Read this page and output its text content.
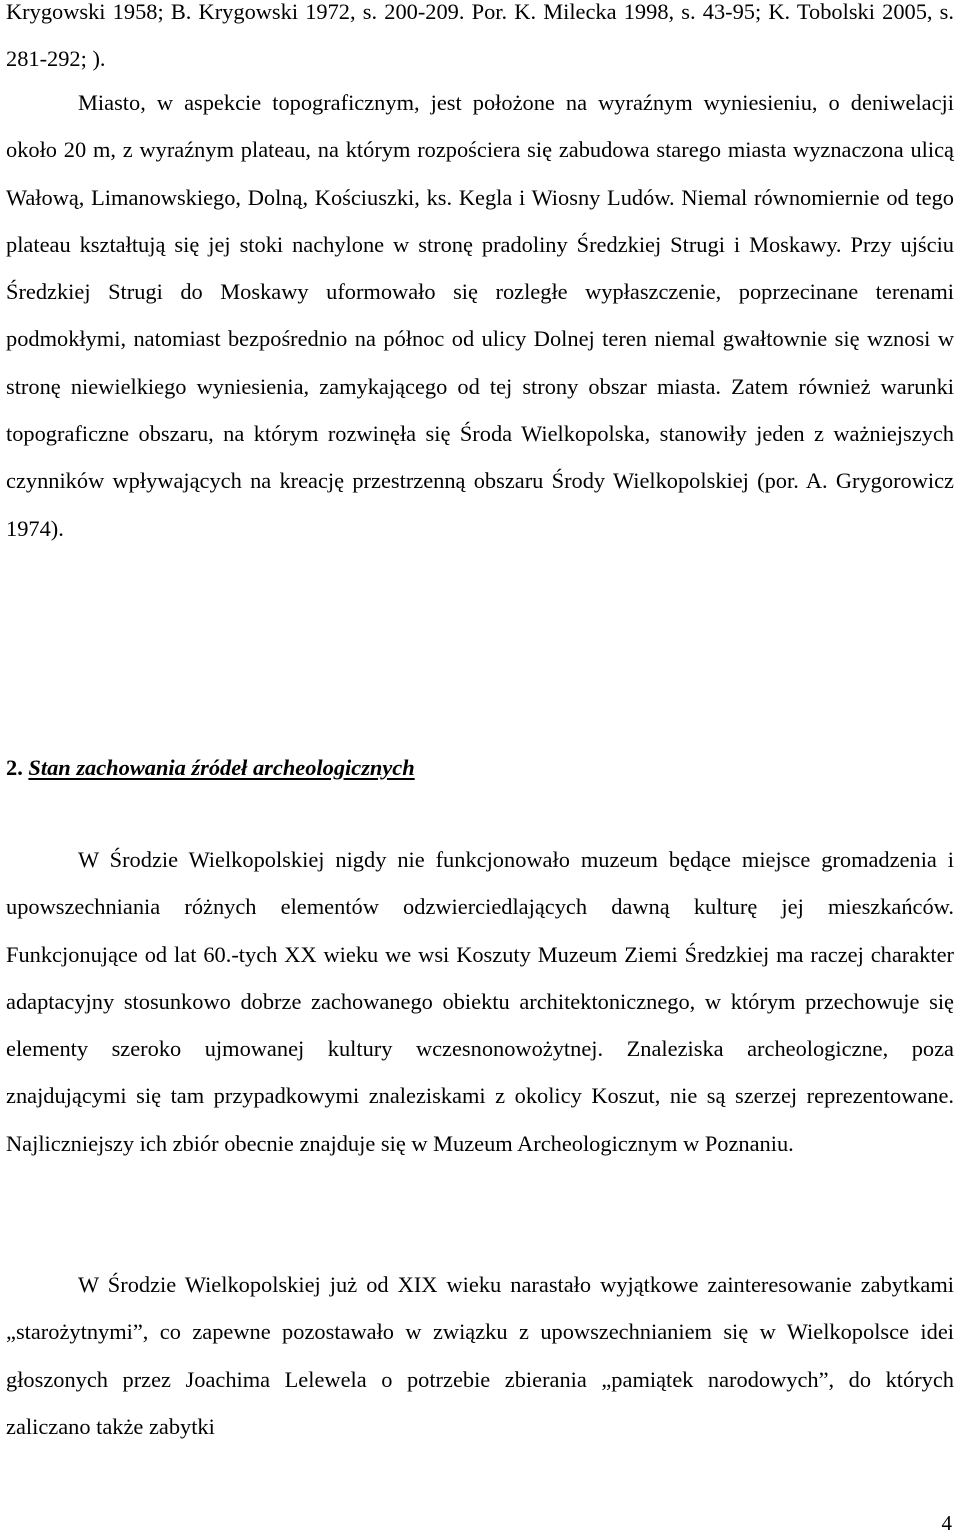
Krygowski 1958; B. Krygowski 1972, s. 200-209. Por. K. Milecka 1998, s. 43-95; K. Tobolski 2005, s. 281-292; ).

Miasto, w aspekcie topograficznym, jest położone na wyraźnym wyniesieniu, o deniwelacji około 20 m, z wyraźnym plateau, na którym rozpościera się zabudowa starego miasta wyznaczona ulicą Wałową, Limanowskiego, Dolną, Kościuszki, ks. Kegla i Wiosny Ludów. Niemal równomiernie od tego plateau kształtują się jej stoki nachylone w stronę pradoliny Średzkiej Strugi i Moskawy. Przy ujściu Średzkiej Strugi do Moskawy uformowało się rozległe wypłaszczenie, poprzecinane terenami podmokłymi, natomiast bezpośrednio na północ od ulicy Dolnej teren niemal gwałtownie się wznosi w stronę niewielkiego wyniesienia, zamykającego od tej strony obszar miasta. Zatem również warunki topograficzne obszaru, na którym rozwinęła się Środa Wielkopolska, stanowiły jeden z ważniejszych czynników wpływających na kreację przestrzenną obszaru Środy Wielkopolskiej (por. A. Grygorowicz 1974).

2. Stan zachowania źródeł archeologicznych

W Środzie Wielkopolskiej nigdy nie funkcjonowało muzeum będące miejsce gromadzenia i upowszechniania różnych elementów odzwierciedlających dawną kulturę jej mieszkańców. Funkcjonujące od lat 60.-tych XX wieku we wsi Koszuty Muzeum Ziemi Średzkiej ma raczej charakter adaptacyjny stosunkowo dobrze zachowanego obiektu architektonicznego, w którym przechowuje się elementy szeroko ujmowanej kultury wczesnonowożytnej. Znaleziska archeologiczne, poza znajdującymi się tam przypadkowymi znaleziskami z okolicy Koszut, nie są szerzej reprezentowane. Najliczniejszy ich zbiór obecnie znajduje się w Muzeum Archeologicznym w Poznaniu.

W Środzie Wielkopolskiej już od XIX wieku narastało wyjątkowe zainteresowanie zabytkami „starożytnymi”, co zapewne pozostawało w związku z upowszechnianiem się w Wielkopolsce idei głoszonych przez Joachima Lelewela o potrzebie zbierania „pamiątek narodowych”, do których zaliczano także zabytki

4
